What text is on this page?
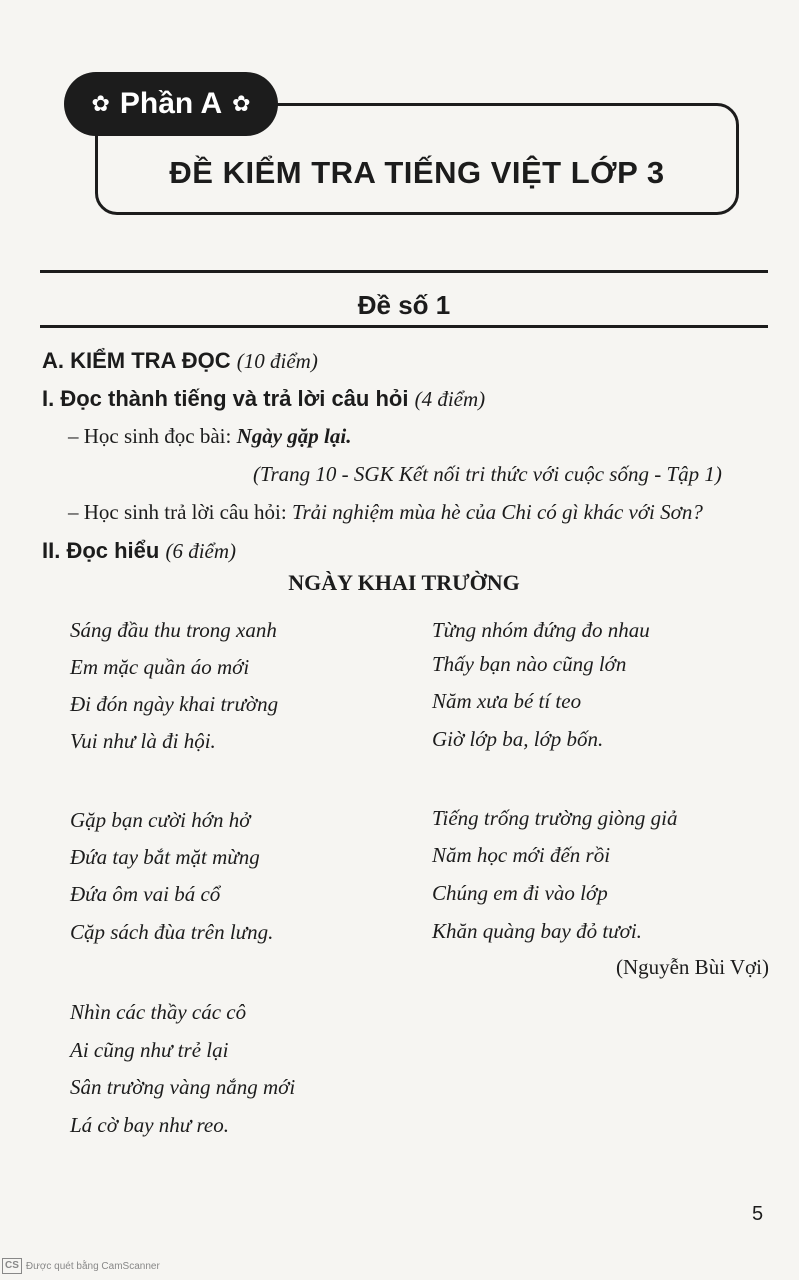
✿ Phần A ✿
ĐỀ KIỂM TRA TIẾNG VIỆT LỚP 3
Đề số 1
A. KIỂM TRA ĐỌC (10 điểm)
I. Đọc thành tiếng và trả lời câu hỏi (4 điểm)
– Học sinh đọc bài: Ngày gặp lại.
(Trang 10 - SGK Kết nối tri thức với cuộc sống - Tập 1)
– Học sinh trả lời câu hỏi: Trải nghiệm mùa hè của Chi có gì khác với Sơn?
II. Đọc hiểu (6 điểm)
NGÀY KHAI TRƯỜNG
Sáng đầu thu trong xanh
Em mặc quần áo mới
Đi đón ngày khai trường
Vui như là đi hội.
Gặp bạn cười hớn hở
Đứa tay bắt mặt mừng
Đứa ôm vai bá cổ
Cặp sách đùa trên lưng.
Nhìn các thầy các cô
Ai cũng như trẻ lại
Sân trường vàng nắng mới
Lá cờ bay như reo.
Từng nhóm đứng đo nhau
Thấy bạn nào cũng lớn
Năm xưa bé tí teo
Giờ lớp ba, lớp bốn.
Tiếng trống trường giòng giả
Năm học mới đến rồi
Chúng em đi vào lớp
Khăn quàng bay đỏ tươi.
(Nguyễn Bùi Vợi)
5
CS Được quét bằng CamScanner
